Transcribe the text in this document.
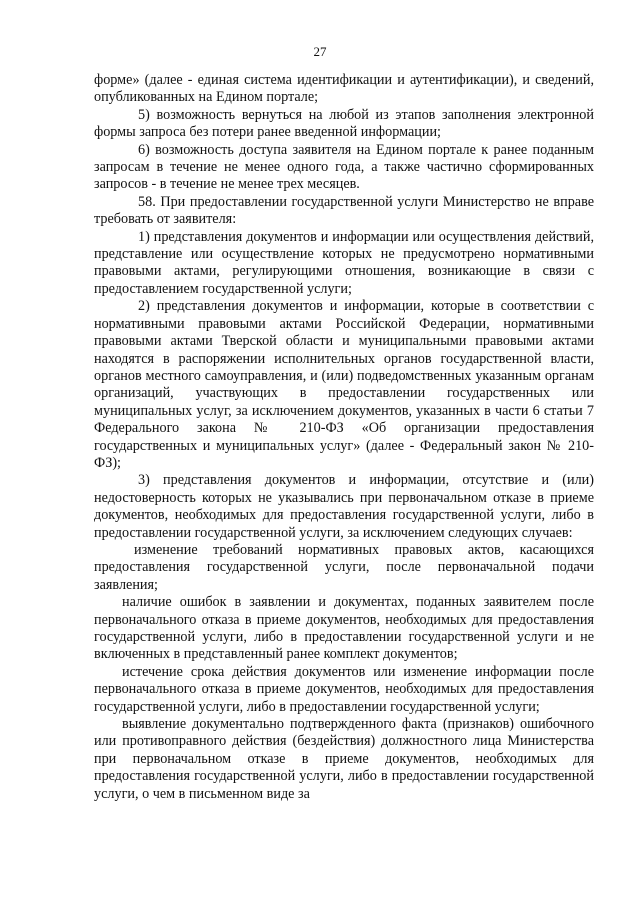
27

форме» (далее - единая система идентификации и аутентификации), и сведений, опубликованных на Едином портале;

5) возможность вернуться на любой из этапов заполнения электронной формы запроса без потери ранее введенной информации;

6) возможность доступа заявителя на Едином портале к ранее поданным запросам в течение не менее одного года, а также частично сформированных запросов - в течение не менее трех месяцев.

58. При предоставлении государственной услуги Министерство не вправе требовать от заявителя:

1) представления документов и информации или осуществления действий, представление или осуществление которых не предусмотрено нормативными правовыми актами, регулирующими отношения, возникающие в связи с предоставлением государственной услуги;

2) представления документов и информации, которые в соответствии с нормативными правовыми актами Российской Федерации, нормативными правовыми актами Тверской области и муниципальными правовыми актами находятся в распоряжении исполнительных органов государственной власти, органов местного самоуправления, и (или) подведомственных указанным органам организаций, участвующих в предоставлении государственных или муниципальных услуг, за исключением документов, указанных в части 6 статьи 7 Федерального закона № 210-ФЗ «Об организации предоставления государственных и муниципальных услуг» (далее - Федеральный закон № 210-ФЗ);

3) представления документов и информации, отсутствие и (или) недостоверность которых не указывались при первоначальном отказе в приеме документов, необходимых для предоставления государственной услуги, либо в предоставлении государственной услуги, за исключением следующих случаев:

изменение требований нормативных правовых актов, касающихся предоставления государственной услуги, после первоначальной подачи заявления;

наличие ошибок в заявлении и документах, поданных заявителем после первоначального отказа в приеме документов, необходимых для предоставления государственной услуги, либо в предоставлении государственной услуги и не включенных в представленный ранее комплект документов;

истечение срока действия документов или изменение информации после первоначального отказа в приеме документов, необходимых для предоставления государственной услуги, либо в предоставлении государственной услуги;

выявление документально подтвержденного факта (признаков) ошибочного или противоправного действия (бездействия) должностного лица Министерства при первоначальном отказе в приеме документов, необходимых для предоставления государственной услуги, либо в предоставлении государственной услуги, о чем в письменном виде за
